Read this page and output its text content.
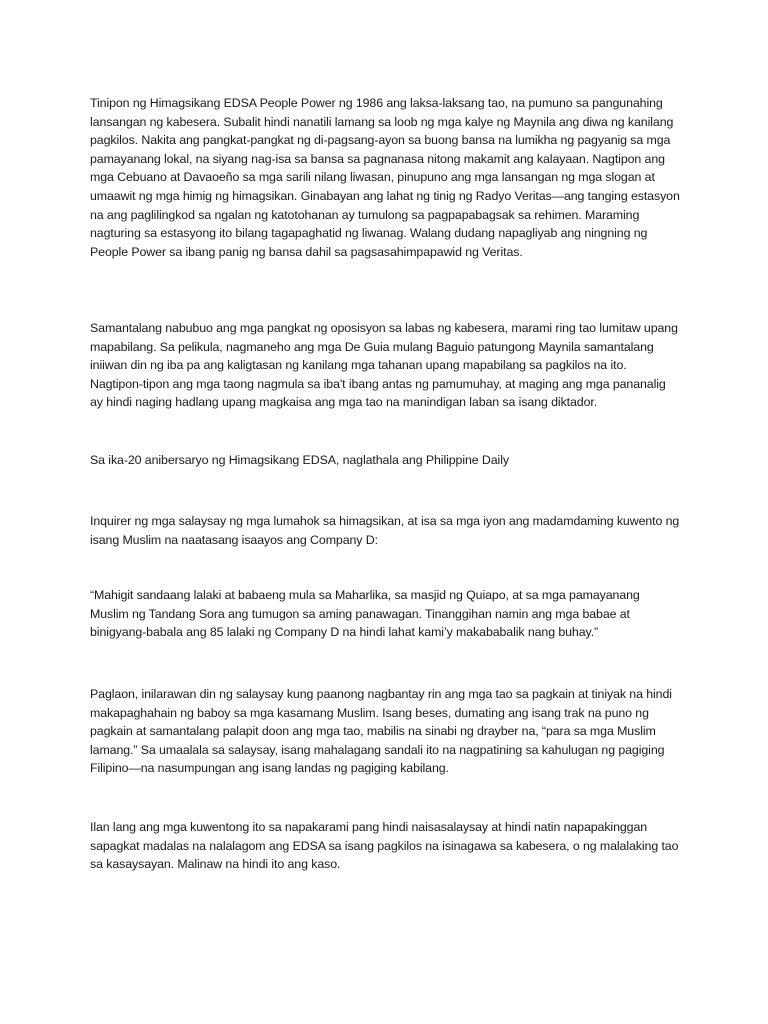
Tinipon ng Himagsikang EDSA People Power ng 1986 ang laksa-laksang tao, na pumuno sa pangunahing lansangan ng kabesera. Subalit hindi nanatili lamang sa loob ng mga kalye ng Maynila ang diwa ng kanilang pagkilos. Nakita ang pangkat-pangkat ng di-pagsang-ayon sa buong bansa na lumikha ng pagyanig sa mga pamayanang lokal, na siyang nag-isa sa bansa sa pagnanasa nitong makamit ang kalayaan. Nagtipon ang mga Cebuano at Davaoeño sa mga sarili nilang liwasan, pinupuno ang mga lansangan ng mga slogan at umaawit ng mga himig ng himagsikan. Ginabayan ang lahat ng tinig ng Radyo Veritas—ang tanging estasyon na ang paglilingkod sa ngalan ng katotohanan ay tumulong sa pagpapabagsak sa rehimen. Maraming nagturing sa estasyong ito bilang tagapaghatid ng liwanag. Walang dudang napagliyab ang ningning ng People Power sa ibang panig ng bansa dahil sa pagsasahimpapawid ng Veritas.

Samantalang nabubuo ang mga pangkat ng oposisyon sa labas ng kabesera, marami ring tao lumitaw upang mapabilang. Sa pelikula, nagmaneho ang mga De Guia mulang Baguio patungong Maynila samantalang iniiwan din ng iba pa ang kaligtasan ng kanilang mga tahanan upang mapabilang sa pagkilos na ito. Nagtipon-tipon ang mga taong nagmula sa iba't ibang antas ng pamumuhay, at maging ang mga pananalig ay hindi naging hadlang upang magkaisa ang mga tao na manindigan laban sa isang diktador.

Sa ika-20 anibersaryo ng Himagsikang EDSA, naglathala ang Philippine Daily

Inquirer ng mga salaysay ng mga lumahok sa himagsikan, at isa sa mga iyon ang madamdaming kuwento ng isang Muslim na naatasang isaayos ang Company D:

“Mahigit sandaang lalaki at babaeng mula sa Maharlika, sa masjid ng Quiapo, at sa mga pamayanang Muslim ng Tandang Sora ang tumugon sa aming panawagan. Tinanggihan namin ang mga babae at binigyang-babala ang 85 lalaki ng Company D na hindi lahat kami’y makababalik nang buhay.”

Paglaon, inilarawan din ng salaysay kung paanong nagbantay rin ang mga tao sa pagkain at tiniyak na hindi makapaghahain ng baboy sa mga kasamang Muslim. Isang beses, dumating ang isang trak na puno ng pagkain at samantalang palapit doon ang mga tao, mabilis na sinabi ng drayber na, “para sa mga Muslim lamang.” Sa umaalala sa salaysay, isang mahalagang sandali ito na nagpatining sa kahulugan ng pagiging Filipino—na nasumpungan ang isang landas ng pagiging kabilang.

Ilan lang ang mga kuwentong ito sa napakarami pang hindi naisasalaysay at hindi natin napapakinggan sapagkat madalas na nalalagom ang EDSA sa isang pagkilos na isinagawa sa kabesera, o ng malalaking tao sa kasaysayan. Malinaw na hindi ito ang kaso.
